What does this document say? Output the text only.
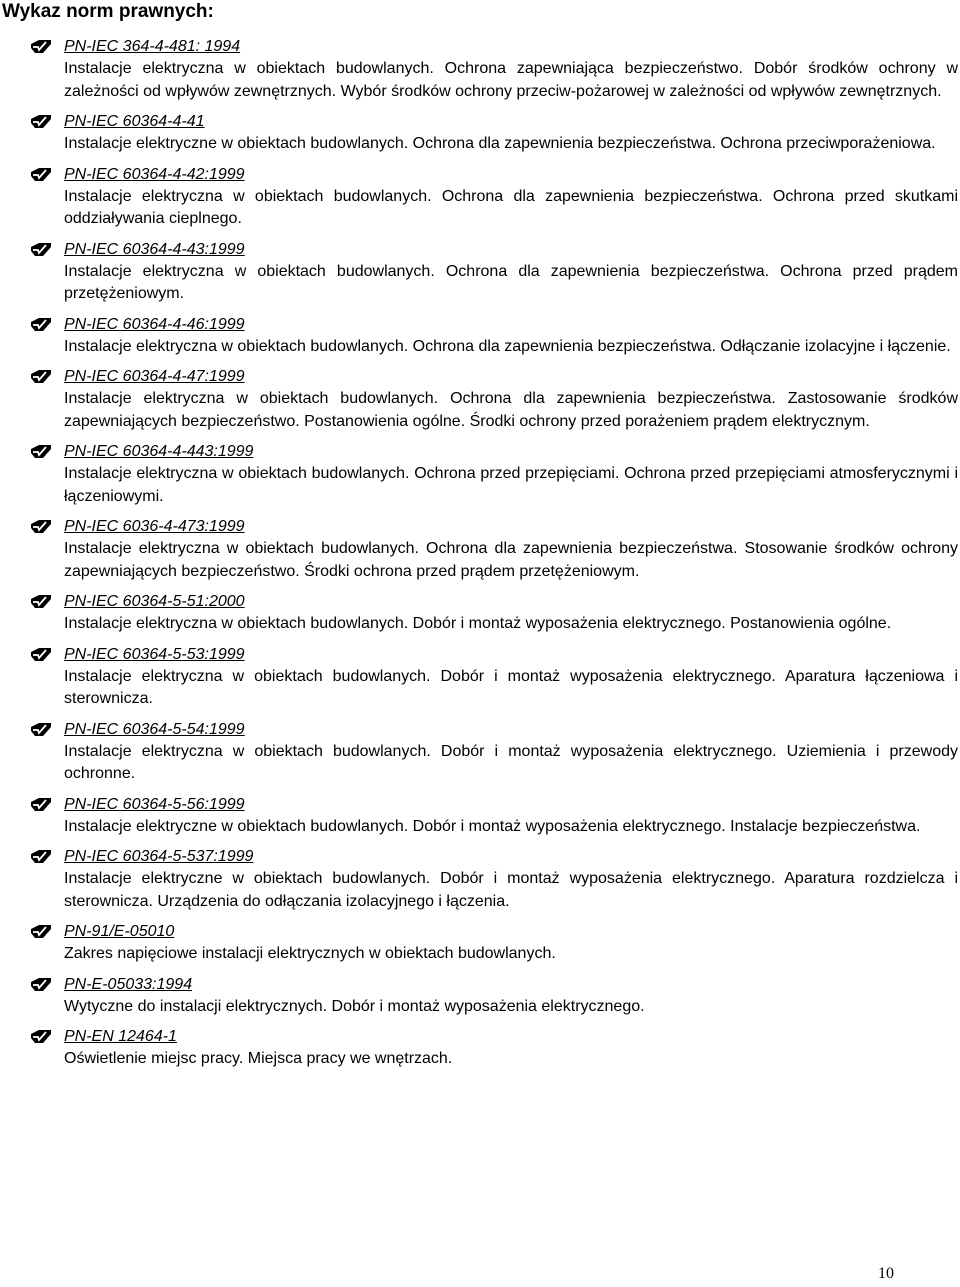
Wykaz norm prawnych:
PN-IEC 364-4-481: 1994
Instalacje elektryczna w obiektach budowlanych. Ochrona zapewniająca bezpieczeństwo. Dobór środków ochrony w zależności od wpływów zewnętrznych. Wybór środków ochrony przeciw-pożarowej w zależności od wpływów zewnętrznych.
PN-IEC 60364-4-41
Instalacje elektryczne w obiektach budowlanych. Ochrona dla zapewnienia bezpieczeństwa. Ochrona przeciwporażeniowa.
PN-IEC 60364-4-42:1999
Instalacje elektryczna w obiektach budowlanych. Ochrona dla zapewnienia bezpieczeństwa. Ochrona przed skutkami oddziaływania cieplnego.
PN-IEC 60364-4-43:1999
Instalacje elektryczna w obiektach budowlanych. Ochrona dla zapewnienia bezpieczeństwa. Ochrona przed prądem przetężeniowym.
PN-IEC 60364-4-46:1999
Instalacje elektryczna w obiektach budowlanych. Ochrona dla zapewnienia bezpieczeństwa. Odłączanie izolacyjne i łączenie.
PN-IEC 60364-4-47:1999
Instalacje elektryczna w obiektach budowlanych. Ochrona dla zapewnienia bezpieczeństwa. Zastosowanie środków zapewniających bezpieczeństwo. Postanowienia ogólne. Środki ochrony przed porażeniem prądem elektrycznym.
PN-IEC 60364-4-443:1999
Instalacje elektryczna w obiektach budowlanych. Ochrona przed przepięciami. Ochrona przed przepięciami atmosferycznymi i łączeniowymi.
PN-IEC 6036-4-473:1999
Instalacje elektryczna w obiektach budowlanych. Ochrona dla zapewnienia bezpieczeństwa. Stosowanie środków ochrony zapewniających bezpieczeństwo. Środki ochrona przed prądem przetężeniowym.
PN-IEC 60364-5-51:2000
Instalacje elektryczna w obiektach budowlanych. Dobór i montaż wyposażenia elektrycznego. Postanowienia ogólne.
PN-IEC 60364-5-53:1999
Instalacje elektryczna w obiektach budowlanych. Dobór i montaż wyposażenia elektrycznego. Aparatura łączeniowa i sterownicza.
PN-IEC 60364-5-54:1999
Instalacje elektryczna w obiektach budowlanych. Dobór i montaż wyposażenia elektrycznego. Uziemienia i przewody ochronne.
PN-IEC 60364-5-56:1999
Instalacje elektryczne w obiektach budowlanych. Dobór i montaż wyposażenia elektrycznego. Instalacje bezpieczeństwa.
PN-IEC 60364-5-537:1999
Instalacje elektryczne w obiektach budowlanych. Dobór i montaż wyposażenia elektrycznego. Aparatura rozdzielcza i sterownicza. Urządzenia do odłączania izolacyjnego i łączenia.
PN-91/E-05010
Zakres napięciowe instalacji elektrycznych w obiektach budowlanych.
PN-E-05033:1994
Wytyczne do instalacji elektrycznych. Dobór i montaż wyposażenia elektrycznego.
PN-EN 12464-1
Oświetlenie miejsc pracy. Miejsca pracy we wnętrzach.
10
